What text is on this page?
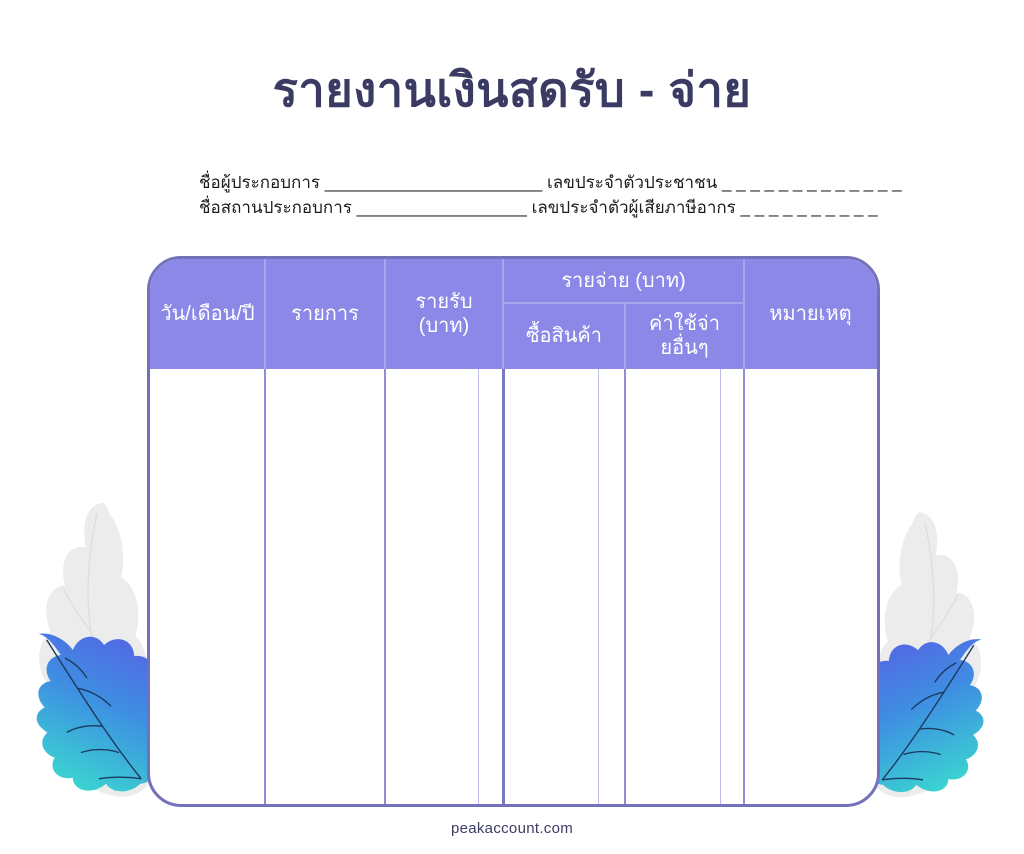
รายงานเงินสดรับ - จ่าย
ชื่อผู้ประกอบการ _______________________ เลขประจำตัวประชาชน _ _ _ _ _ _ _ _ _ _ _ _ _
ชื่อสถานประกอบการ __________________ เลขประจำตัวผู้เสียภาษีอากร _ _ _ _ _ _ _ _ _ _
วัน/เดือน/ปี	รายการ
รายรับ
(บาท)
รายจ่าย (บาท)
ซื้อสินค้า
ค่าใช้จ่ายอื่นๆ
หมายเหตุ
peakaccount.com
